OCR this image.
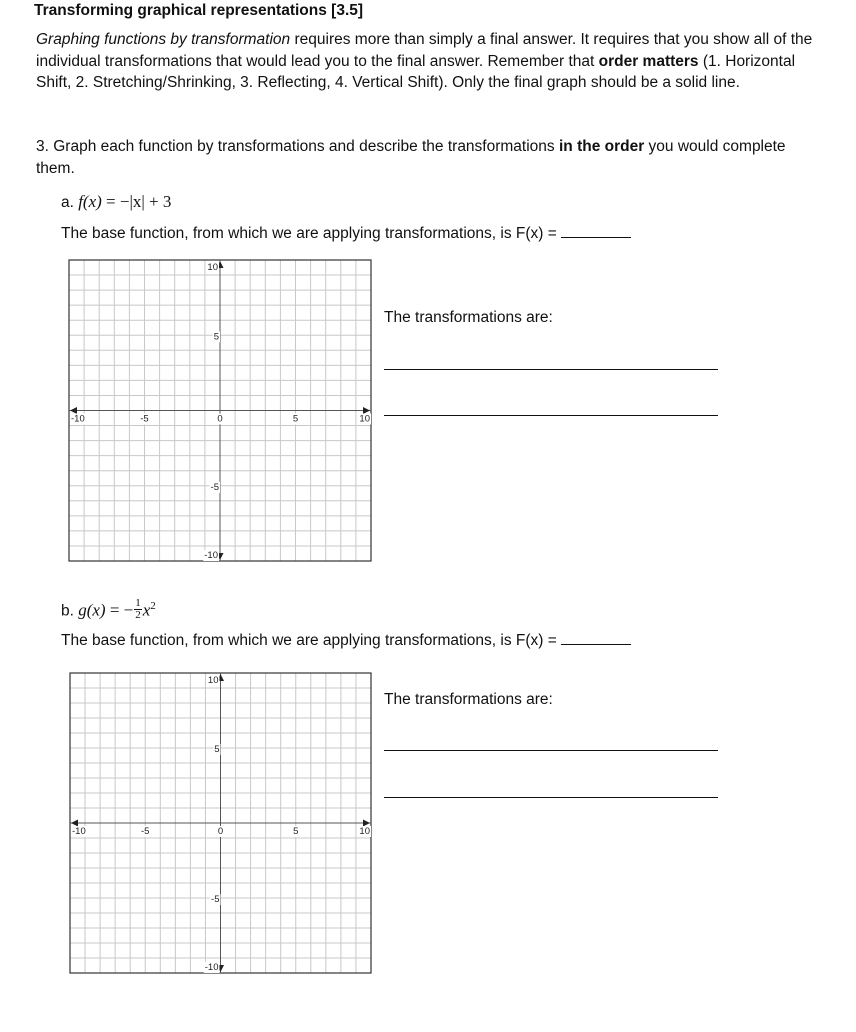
Transforming graphical representations [3.5]
Graphing functions by transformation requires more than simply a final answer. It requires that you show all of the individual transformations that would lead you to the final answer. Remember that order matters (1. Horizontal Shift, 2. Stretching/Shrinking, 3. Reflecting, 4. Vertical Shift). Only the final graph should be a solid line.
3. Graph each function by transformations and describe the transformations in the order you would complete them.
a. f(x) = −|x| + 3
The base function, from which we are applying transformations, is F(x) =
-10	-5	0	5	10
10
5
-5
-10
The transformations are:
b. g(x) = − $\frac{1}{2} x^2$
The base function, from which we are applying transformations, is F(x) =
-10	-5	0	5	10
10
5
-5
-10
The transformations are:
